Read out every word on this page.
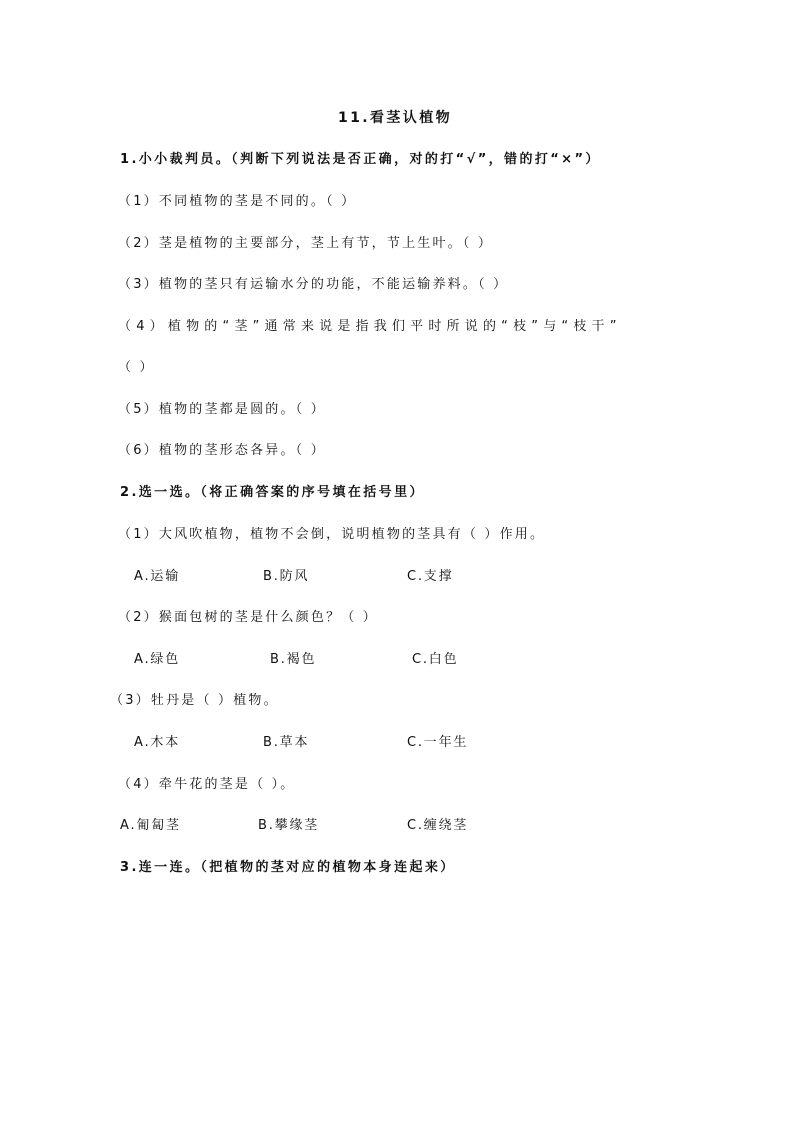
11.看茎认植物
1.小小裁判员。（判断下列说法是否正确，对的打“√”，错的打“×”）
（1）不同植物的茎是不同的。（ ）
（2）茎是植物的主要部分，茎上有节，节上生叶。（ ）
（3）植物的茎只有运输水分的功能，不能运输养料。（ ）
（4）植物的“茎”通常来说是指我们平时所说的“枝”与“枝干”
（ ）
（5）植物的茎都是圆的。（ ）
（6）植物的茎形态各异。（ ）
2.选一选。（将正确答案的序号填在括号里）
（1）大风吹植物，植物不会倒，说明植物的茎具有（ ）作用。
A.运输	B.防风	C.支撑
（2）猴面包树的茎是什么颜色？（ ）
A.绿色	B.褐色	C.白色
（3）牡丹是（ ）植物。
A.木本	B.草本	C.一年生
（4）牵牛花的茎是（ ）。
A.匍匐茎	B.攀缘茎	C.缠绕茎
3.连一连。（把植物的茎对应的植物本身连起来）
